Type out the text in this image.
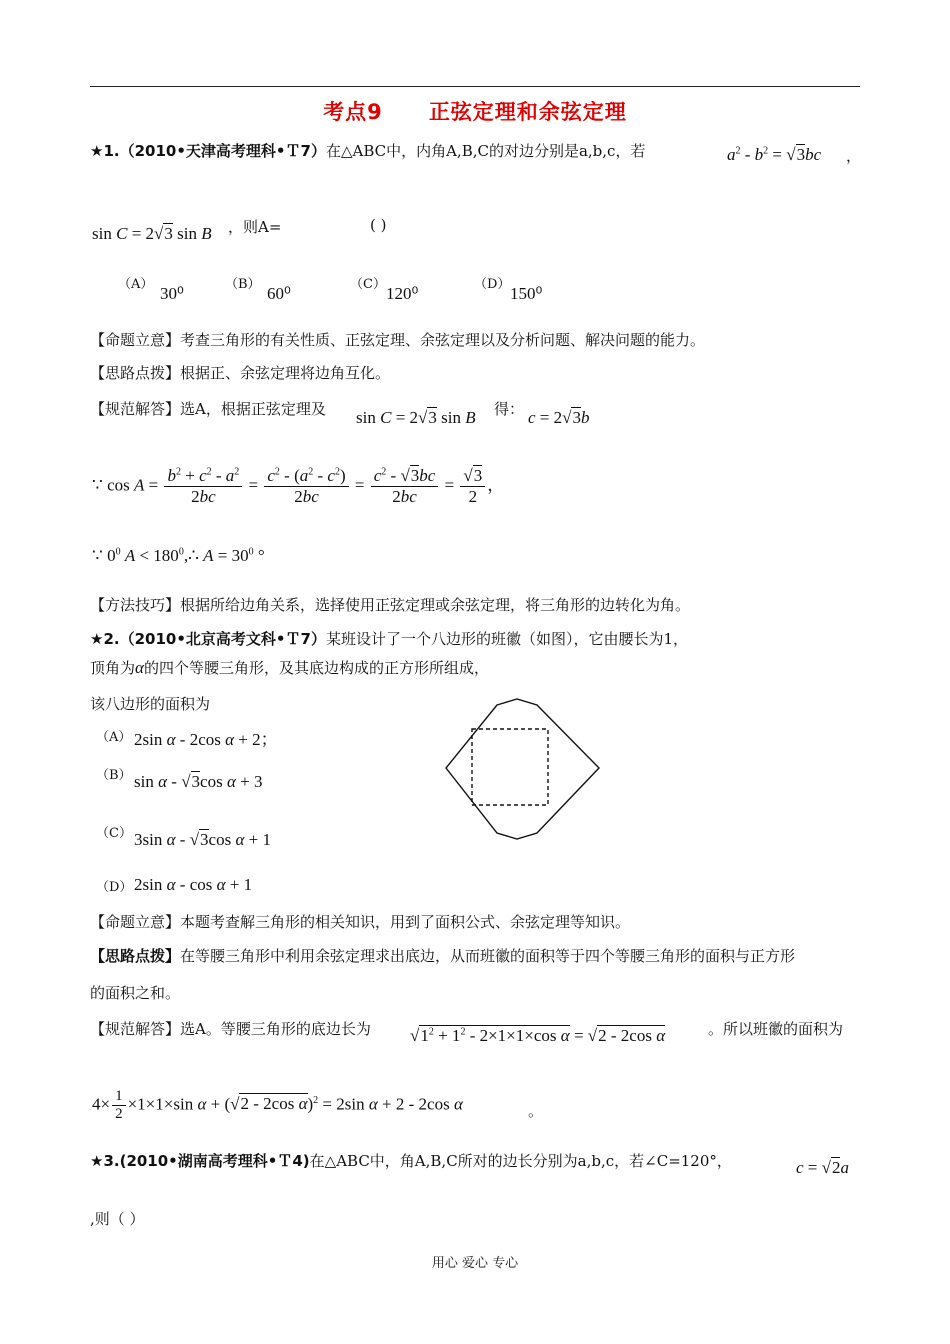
考点9 正弦定理和余弦定理
★1.（2010•天津高考理科•Ｔ7）在△ABC中，内角A,B,C的对边分别是a,b,c，若	$a^2 - b^2 = √3bc$ ，
sin C = 2√3 sin B ，则A=	( )
（A） 30⁰	（B） 60⁰	（C） 120⁰	（D） 150⁰
【命题立意】考查三角形的有关性质、正弦定理、余弦定理以及分析问题、解决问题的能力。
【思路点拨】根据正、余弦定理将边角互化。
【规范解答】选A，根据正弦定理及 sin C = 2√3 sin B 得： c = 2√3b
∵ $\cos A = \frac{b^2 + c^2 - a^2}{2bc} = \frac{c^2 - (a^2 - c^2)}{2bc} = \frac{c^2 - √3bc}{2bc} = \frac{√3}{2}$ ，
∵ $0^0$ $A < 180^0,\therefore$ $A = 30^0$ °
【方法技巧】根据所给边角关系，选择使用正弦定理或余弦定理，将三角形的边转化为角。
★2.（2010•北京高考文科•Ｔ7）某班设计了一个八边形的班徽（如图），它由腰长为1，
顶角为α的四个等腰三角形，及其底边构成的正方形所组成，
该八边形的面积为
（A） 2sin α - 2cos α + 2；
（B） sin α - √3cos α + 3
（C） 3sin α - √3cos α + 1
（D） 2sin α - cos α + 1
【命题立意】本题考查解三角形的相关知识，用到了面积公式、余弦定理等知识。
【思路点拨】在等腰三角形中利用余弦定理求出底边，从而班徽的面积等于四个等腰三角形的面积与正方形
的面积之和。
【规范解答】选A。等腰三角形的底边长为 $√1^2 + 1^2 - 2\times 1\times 1\times\cos$ α = √2 - 2cos α	。所以班徽的面积为
$4\times \frac{1}{2} \times 1\times 1\times\sin$ α + (√2 - 2cos α)$^2$ = 2sin α + 2 - 2cos α	。
★3.(2010•湖南高考理科•Ｔ4)在△ABC中，角A,B,C所对的边长分别为a,b,c，若∠C=120°，	c = √2a
,则（ ）
用心 爱心 专心
